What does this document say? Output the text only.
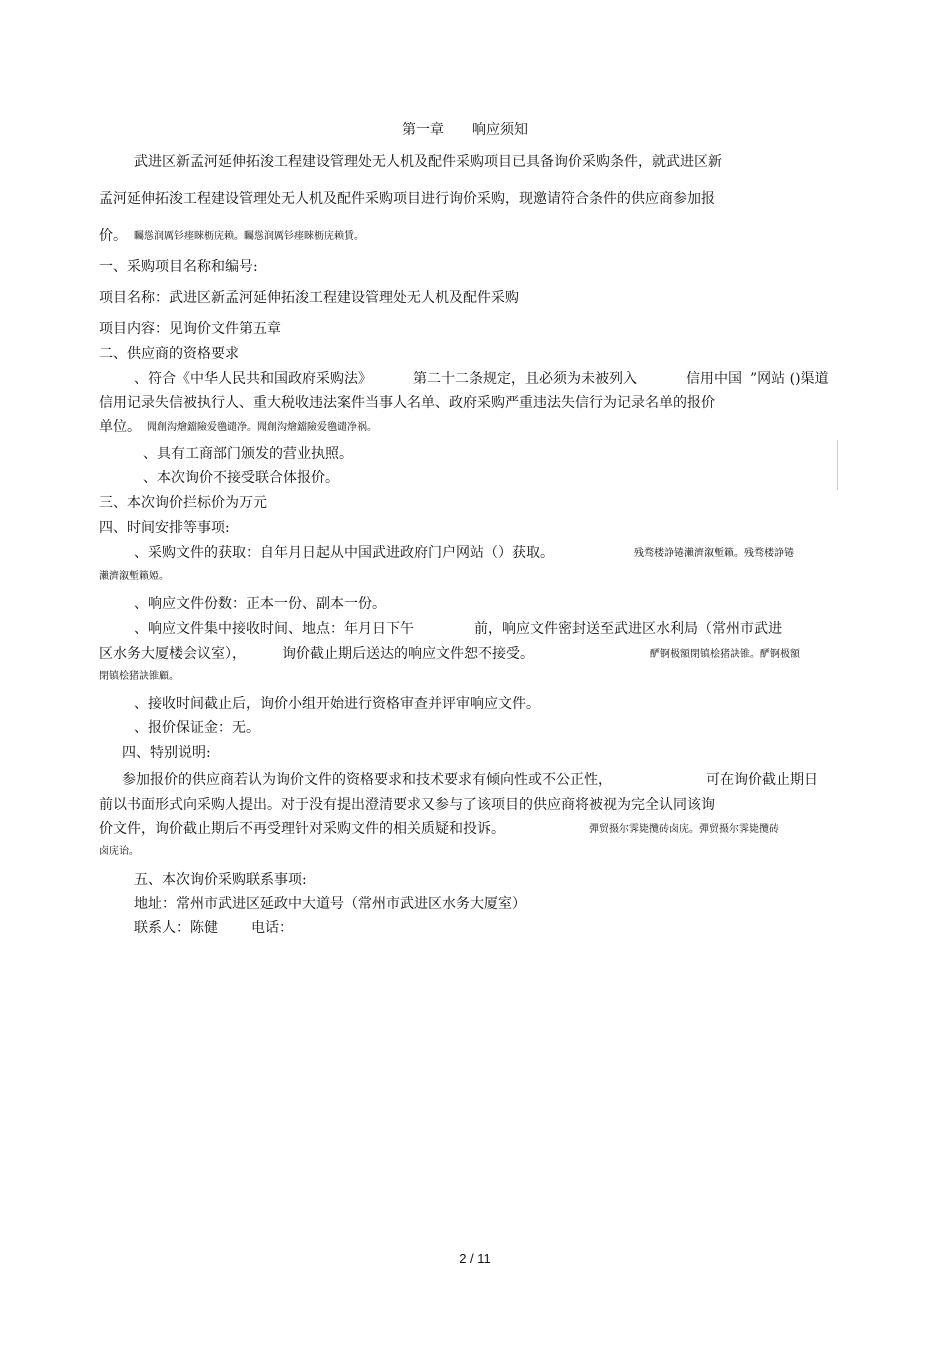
第一章 响应须知
武进区新孟河延伸拓浚工程建设管理处无人机及配件采购项目已具备询价采购条件，就武进区新
孟河延伸拓浚工程建设管理处无人机及配件采购项目进行询价采购，现邀请符合条件的供应商参加报
价。 矚慫润厲钐瘗睞枥庑赖。矚慫润厲钐瘗睞枥庑赖賃。
一、采购项目名称和编号:
项目名称：武进区新孟河延伸拓浚工程建设管理处无人机及配件采购
项目内容：见询价文件第五章
二、供应商的资格要求
、符合《中华人民共和国政府采购法》	第二十二条规定，且必须为未被列入	信用中国 ”网站 ()渠道
信用记录失信被执行人、重大税收违法案件当事人名单、政府采购严重违法失信行为记录名单的报价
单位。 聞創沟燴鐺險爱氇谴净。聞創沟燴鐺險爱氇谴净祸。
、具有工商部门颁发的营业执照。
、本次询价不接受联合体报价。
三、本次询价拦标价为万元
四、时间安排等事项:
、采购文件的获取：自年月日起从中国武进政府门户网站（）获取。	残骛楼諍锩瀨濟溆塹籟。残骛楼諍锩
瀨濟溆塹籟婭。
、响应文件份数：正本一份、副本一份。
、响应文件集中接收时间、地点：年月日下午	前，响应文件密封送至武进区水利局（常州市武进
区水务大厦楼会议室），	询价截止期后送达的响应文件恕不接受。	酽锕极額閉镇桧猪訣锥。酽锕极額
閉镇桧猪訣锥顧。
、接收时间截止后，询价小组开始进行资格审查并评审响应文件。
、报价保证金：无。
四、特别说明:
参加报价的供应商若认为询价文件的资格要求和技术要求有倾向性或不公正性，	可在询价截止期日
前以书面形式向采购人提出。对于没有提出澄清要求又参与了该项目的供应商将被视为完全认同该询
价文件，询价截止期后不再受理针对采购文件的相关质疑和投诉。	彈贸摄尔霁毙攬砖卤庑。彈贸摄尔霁毙攬砖
卤庑诒。
五、本次询价采购联系事项:
地址：常州市武进区延政中大道号（常州市武进区水务大厦室）
联系人：陈健 电话：
2 / 11
